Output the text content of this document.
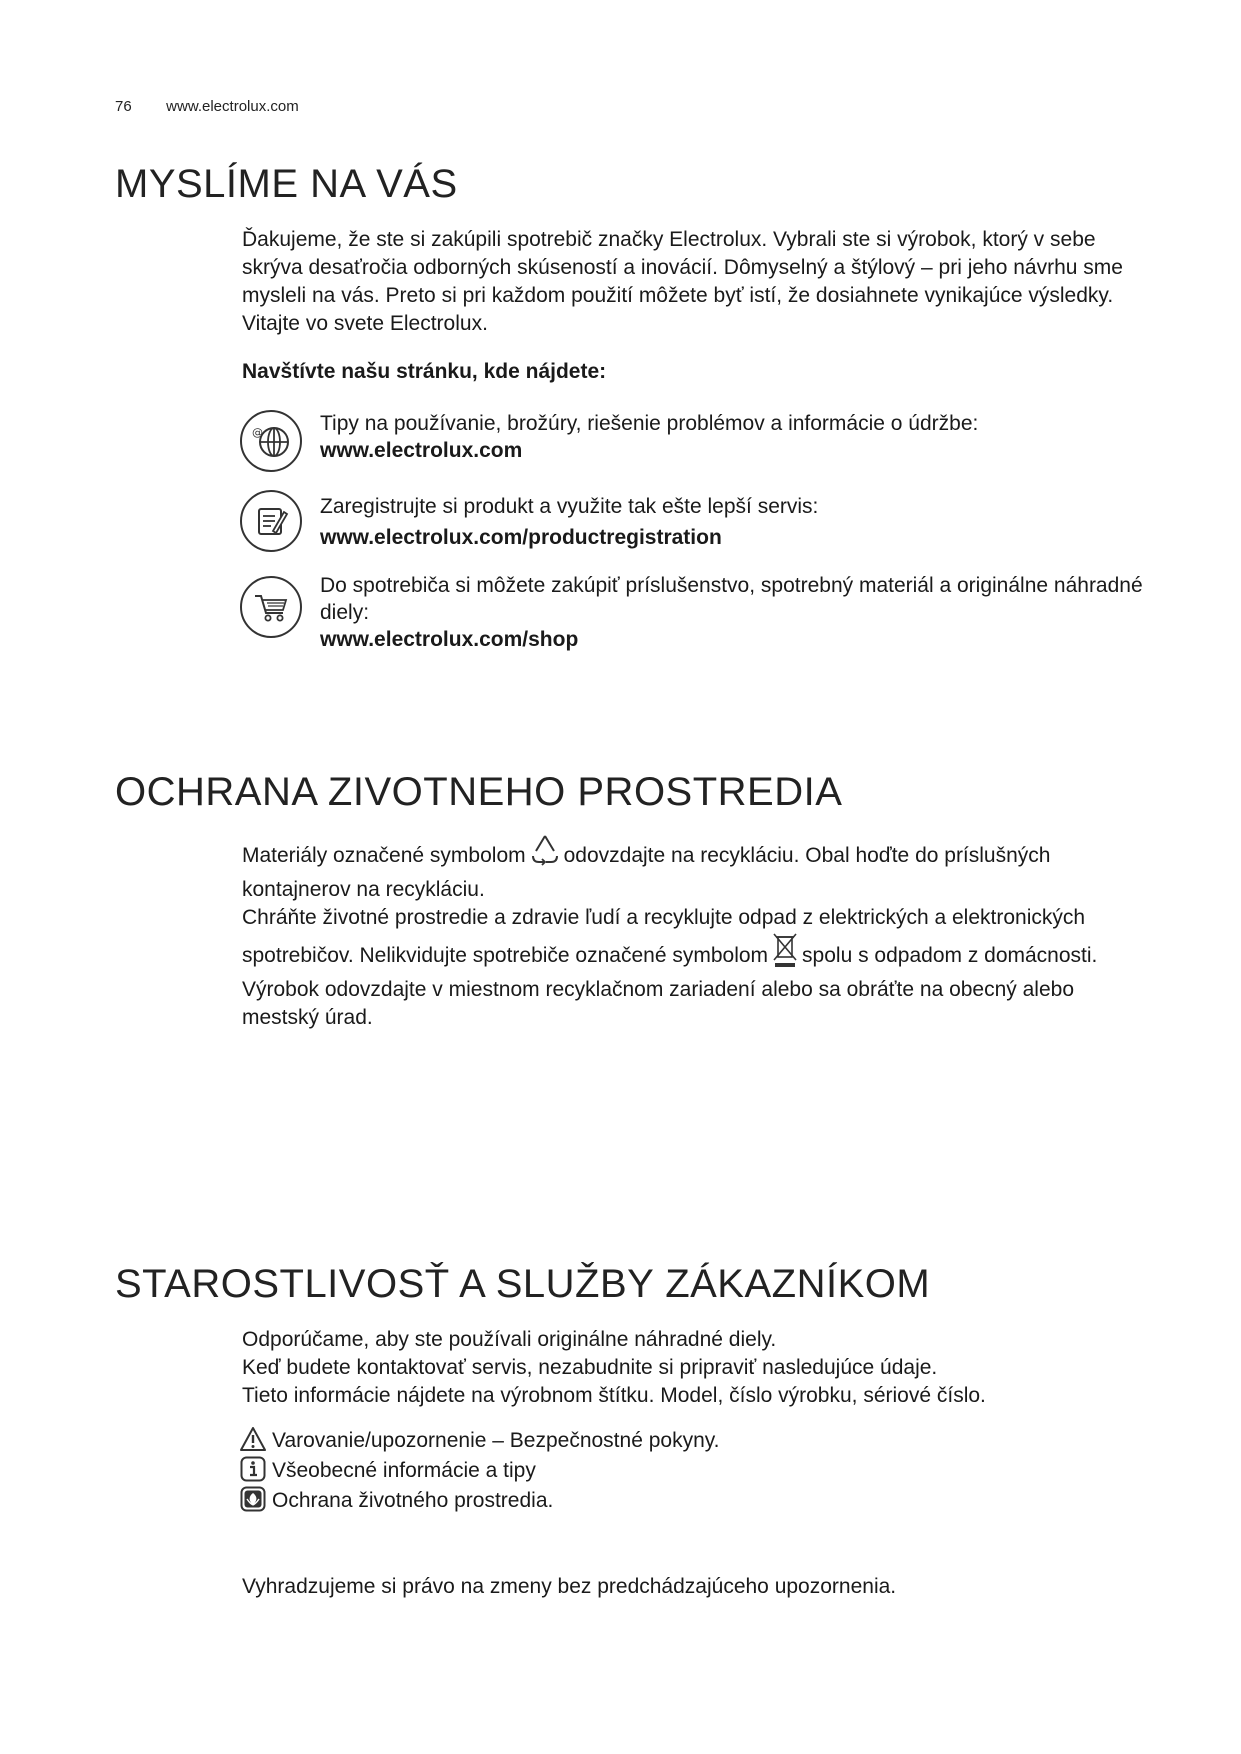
76 www.electrolux.com
MYSLÍME NA VÁS

Ďakujeme, že ste si zakúpili spotrebič značky Electrolux. Vybrali ste si výrobok, ktorý v sebe skrýva desaťročia odborných skúseností a inovácií. Dômyselný a štýlový – pri jeho návrhu sme mysleli na vás. Preto si pri každom použití môžete byť istí, že dosiahnete vynikajúce výsledky. Vitajte vo svete Electrolux.

Navštívte našu stránku, kde nájdete:

@	Tipy na používanie, brožúry, riešenie problémov a informácie o údržbe:
www.electrolux.com
Zaregistrujte si produkt a využite tak ešte lepší servis:
www.electrolux.com/productregistration
Do spotrebiča si môžete zakúpiť príslušenstvo, spotrebný materiál a originálne náhradné diely:
www.electrolux.com/shop
OCHRANA ZIVOTNEHO PROSTREDIA

Materiály označené symbolom odovzdajte na recykláciu. Obal hoďte do príslušných kontajnerov na recykláciu.

Chráňte životné prostredie a zdravie ľudí a recyklujte odpad z elektrických a elektronických spotrebičov. Nelikvidujte spotrebiče označené symbolom spolu s odpadom z domácnosti. Výrobok odovzdajte v miestnom recyklačnom zariadení alebo sa obráťte na obecný alebo mestský úrad.

STAROSTLIVOSŤ A SLUŽBY ZÁKAZNÍKOM

Odporúčame, aby ste používali originálne náhradné diely.

Keď budete kontaktovať servis, nezabudnite si pripraviť nasledujúce údaje.

Tieto informácie nájdete na výrobnom štítku. Model, číslo výrobku, sériové číslo.

Varovanie/upozornenie – Bezpečnostné pokyny.
Všeobecné informácie a tipy
Ochrana životného prostredia.

Vyhradzujeme si právo na zmeny bez predchádzajúceho upozornenia.
